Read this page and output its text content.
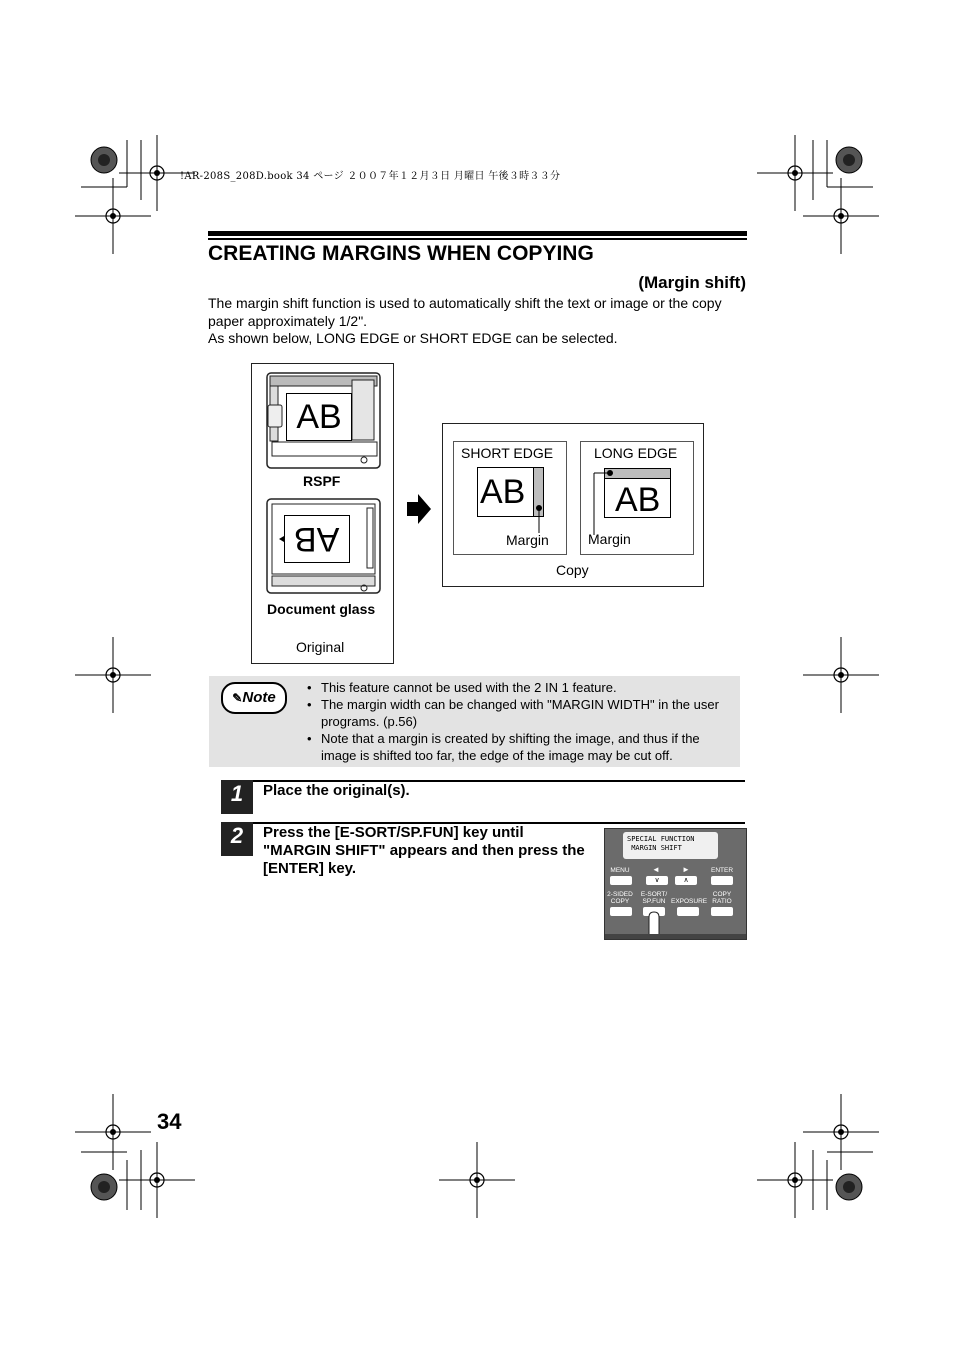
!AR-208S_208D.book 34 ページ ２００７年１２月３日 月曜日 午後３時３３分
CREATING MARGINS WHEN COPYING
(Margin shift)

The margin shift function is used to automatically shift the text or image or the copy paper approximately 1/2".

As shown below, LONG EDGE or SHORT EDGE can be selected.

AB
RSPF
AB
Document glass
Original
SHORT EDGE
AB
Margin
LONG EDGE
AB
Margin
Copy
✎Note
• This feature cannot be used with the 2 IN 1 feature.
• The margin width can be changed with "MARGIN WIDTH" in the user programs. (p.56)
• Note that a margin is created by shifting the image, and thus if the image is shifted too far, the edge of the image may be cut off.
1	Place the original(s).
2	Press the [E-SORT/SP.FUN] key until "MARGIN SHIFT" appears and then press the [ENTER] key.
SPECIAL FUNCTION
MARGIN SHIFT
MENU	◄	►	ENTER
∨	∧
2-SIDED COPY
E-SORT/ SP.FUN EXPOSURE
COPY RATIO
34
